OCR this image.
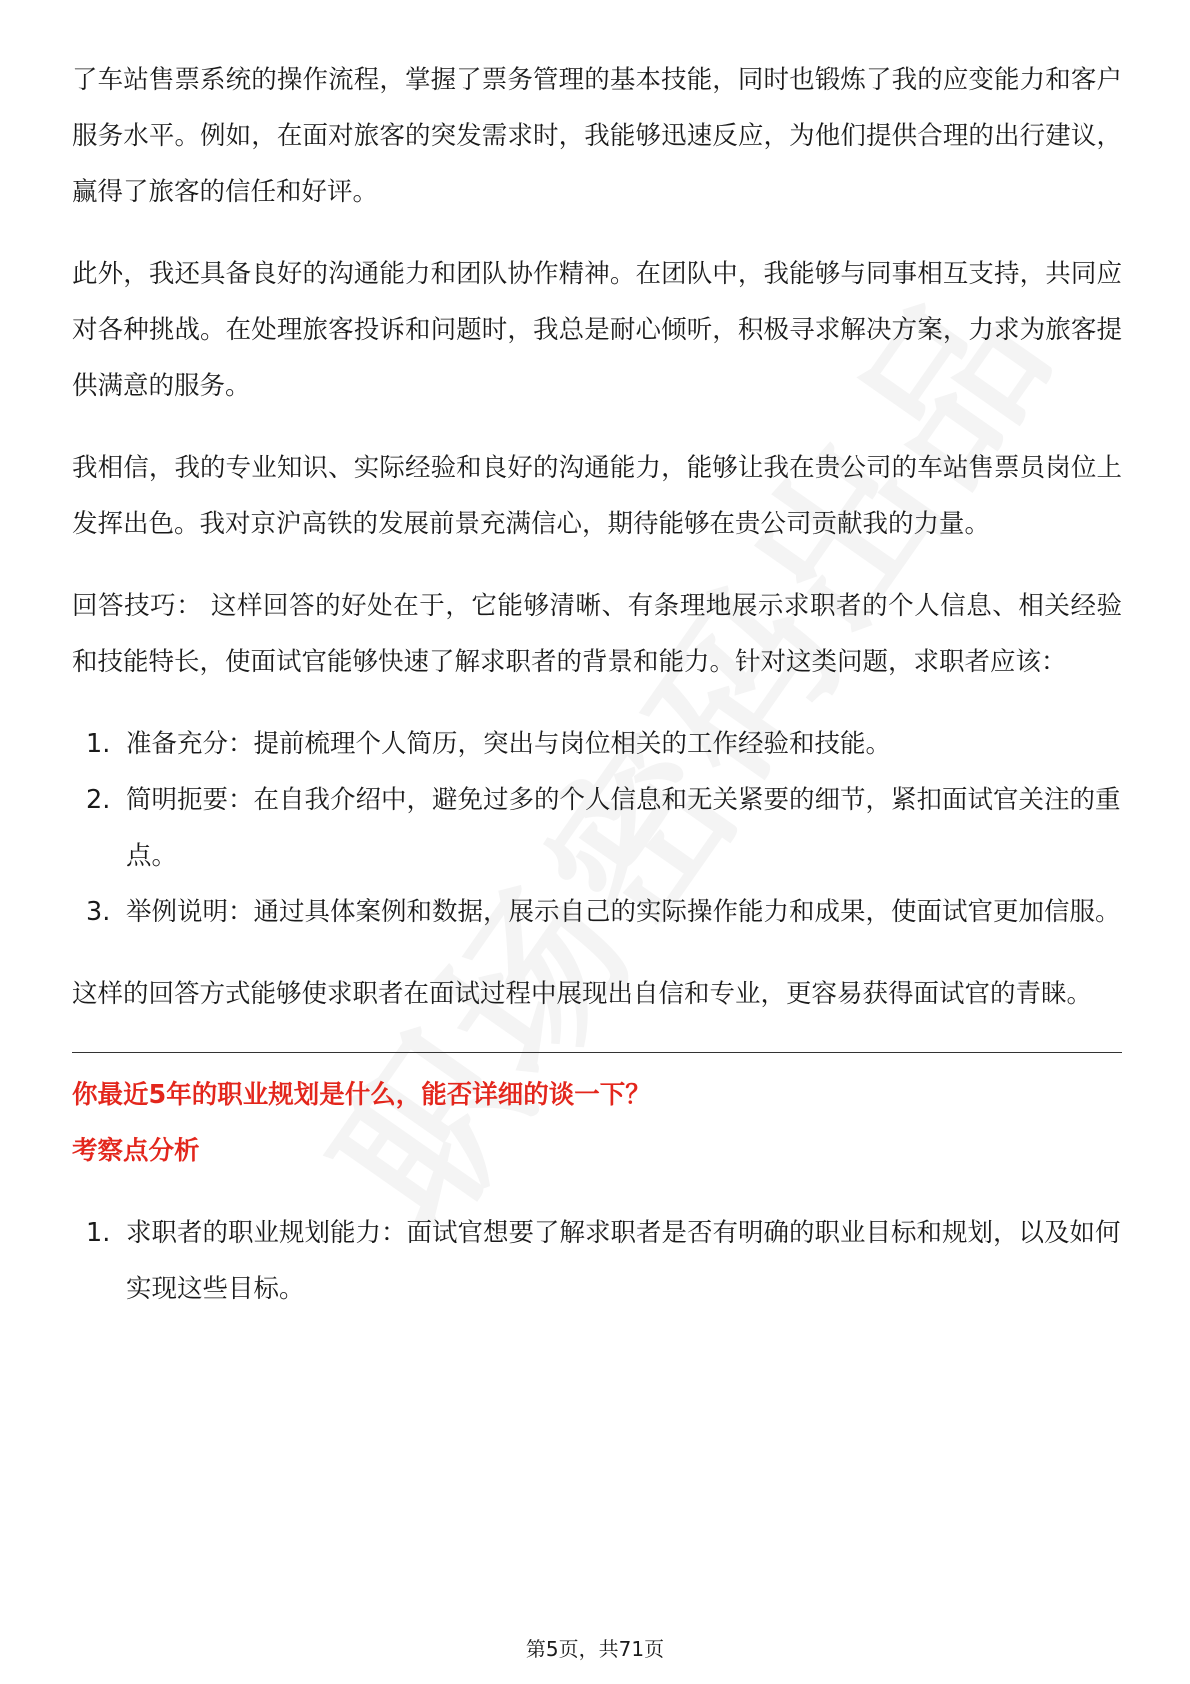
了车站售票系统的操作流程，掌握了票务管理的基本技能，同时也锻炼了我的应变能力和客户服务水平。例如，在面对旅客的突发需求时，我能够迅速反应，为他们提供合理的出行建议，赢得了旅客的信任和好评。

此外，我还具备良好的沟通能力和团队协作精神。在团队中，我能够与同事相互支持，共同应对各种挑战。在处理旅客投诉和问题时，我总是耐心倾听，积极寻求解决方案，力求为旅客提供满意的服务。

我相信，我的专业知识、实际经验和良好的沟通能力，能够让我在贵公司的车站售票员岗位上发挥出色。我对京沪高铁的发展前景充满信心，期待能够在贵公司贡献我的力量。

回答技巧： 这样回答的好处在于，它能够清晰、有条理地展示求职者的个人信息、相关经验和技能特长，使面试官能够快速了解求职者的背景和能力。针对这类问题，求职者应该：

1. 准备充分：提前梳理个人简历，突出与岗位相关的工作经验和技能。
2. 简明扼要：在自我介绍中，避免过多的个人信息和无关紧要的细节，紧扣面试官关注的重点。
3. 举例说明：通过具体案例和数据，展示自己的实际操作能力和成果，使面试官更加信服。

这样的回答方式能够使求职者在面试过程中展现出自信和专业，更容易获得面试官的青睐。

你最近5年的职业规划是什么，能否详细的谈一下？

考察点分析

1. 求职者的职业规划能力：面试官想要了解求职者是否有明确的职业目标和规划，以及如何实现这些目标。
第5页，共71页
